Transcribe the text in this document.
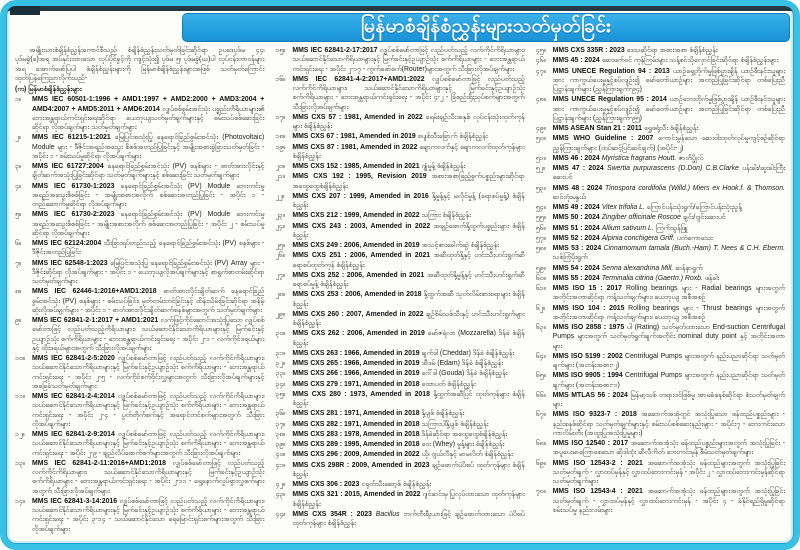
မြန်မာစံချိန်စံညွှန်းများသတ်မှတ်ခြင်း

အမျိုးသားစံချိန်စံညွှန်းကောင်စီသည် စံချိန်စံညွှန်းသတ်မှတ်ခြင်းဆိုင်ရာ ဥပဒေပုဒ်မ ၄၄၊ ပုဒ်မခွဲ(ခ)အရ အပ်နှင်းထားသော လုပ်ပိုင်ခွင့်ကို ကျင့်သုံး၍ ပုဒ်မ ၅၊ ပုဒ်မခွဲ(ဃ)ပါ လုပ်ငန်းတာဝန်များအရ အောက်ဖော်ပြပါ စံချိန်စံညွှန်းများကို မြန်မာစံချိန်စံညွှန်းများအဖြစ် သတ်မှတ်ကြောင်း ထုတ်ပြန်ကြေညာလိုက်သည်-

(က) မြန်မာစံချိန်စံညွှန်းများ

၁။ MMS IEC 60501-1:1996 + AMD1:1997 + AMD2:2000 + AMD3:2004 + AMD4:2007 + AMD5:2011 + AMD6:2014 လျှပ်စစ်စွမ်းအင်သုံး ပစ္စည်းကိရိယာများ၏ ဘေးအန္တရာယ်ကင်းရှင်းရေးဆိုင်ရာ ယေဘုယျသတ်မှတ်ချက်များနှင့် စမ်းသပ်စစ်ဆေးခြင်းဆိုင်ရာ လိုအပ်ချက်များ သတ်မှတ်ချက်များ
၂။ MMS IEC 61215-1:2021 မြေပြင်အသုံးပြု နေရောင်ခြည်စွမ်းအင်သုံး (Photovoltaic) Module များ - ဒီဇိုင်းအရည်အသွေး စိစစ်အတည်ပြုခြင်းနှင့် အမျိုးအစားခွဲခြားသတ်မှတ်ခြင်း - အပိုင်း ၁ - စမ်းသပ်မှုဆိုင်ရာ လိုအပ်ချက်များ
၃။ MMS IEC 61727:2004 နေရောင်ခြည်စွမ်းအင်သုံး (PV) စနစ်များ - ဓာတ်အားလိုင်းနှင့် ချိတ်ဆက်အသုံးပြုခြင်းဆိုင်ရာ သတ်မှတ်ချက်များနှင့် စစ်ဆေးခြင်း သတ်မှတ်ချက်များ
၄။ MMS IEC 61730-1:2023 နေရောင်ခြည်စွမ်းအင်သုံး (PV) Module ဘေးကင်းမှု အရည်အသွေးစိစစ်ခြင်း - အမျိုးအစားအလိုက် စစ်ဆေးအတည်ပြုခြင်း - အပိုင်း ၁ - တည်ဆောက်မှုဆိုင်ရာ လိုအပ်ချက်များ
၅။ MMS IEC 61730-2:2023 နေရောင်ခြည်စွမ်းအင်သုံး (PV) Module ဘေးကင်းမှု အရည်အသွေးစိစစ်ခြင်း - အမျိုးအစားအလိုက် စစ်ဆေးအတည်ပြုခြင်း - အပိုင်း ၂ - စမ်းသပ်မှုဆိုင်ရာ လိုအပ်ချက်များ
၆။ MMS IEC 62124:2004 သီးခြားရပ်တည်သည့် နေရောင်ခြည်စွမ်းအင်သုံး (PV) စနစ်များ - ဒီဇိုင်းအတည်ပြုခြင်း
၇။ MMS IEC 62548-1:2023 မြေပြင်အသုံးပြု နေရောင်ခြည်စွမ်းအင်သုံး (PV) Array များ - ဒီဇိုင်းဆိုင်ရာ လိုအပ်ချက်များ - အပိုင်း ၁ - ယေဘုယျလိုအပ်ချက်များနှင့် စာရွက်စာတမ်းဆိုင်ရာ သတ်မှတ်ချက်များ
၈။ MMS IEC 62446-1:2016+AMD1:2018 ဓာတ်အားလိုင်းချိတ်ဆက် နေရောင်ခြည်စွမ်းအင်သုံး (PV) စနစ်များ - စမ်းသပ်ခြင်း၊ မှတ်တမ်းတင်ခြင်းနှင့် ထိန်းသိမ်းခြင်းဆိုင်ရာ အနိမ့်ဆုံးလိုအပ်ချက်များ - အပိုင်း ၁ - ဓာတ်အားလိုင်းချိတ်ဆက်စနစ်များအတွက် သတ်မှတ်ချက်များ
၉။ MMS IEC 62841-2-1:2017 + AMD1:2021 လက်ဖြင့်ကိုင်ဆောင်အသုံးပြုသော လျှပ်စစ်မော်တာဖြင့် လည်ပတ်သည့်ကိရိယာများ၊ သယ်ဆောင်နိုင်သောကိရိယာများနှင့် မြက်ခင်းနှင့်ဥယျာဉ်သုံး စက်ကိရိယာများ - ဘေးအန္တရာယ်ကင်းရှင်းရေး - အပိုင်း ၂-၁ - လက်ကိုင်ဒရယ်များနှင့် ထိုးဒရယ်များအတွက် သီးခြားလိုအပ်ချက်များ
၁၀။ MMS IEC 62841-2-5:2020 လျှပ်စစ်မော်တာဖြင့် လည်ပတ်သည့် လက်ကိုင်ကိရိယာများ၊ သယ်ဆောင်နိုင်သောကိရိယာများနှင့် မြက်ခင်းနှင့်ဥယျာဉ်သုံး စက်ကိရိယာများ - ဘေးအန္တရာယ်ကင်းရှင်းရေး - အပိုင်း ၂-၅ - လက်ကိုင်စက်ဝိုင်းလွှများအတွက် သီးခြားလိုအပ်ချက်များနှင့် အခြေခံသတ်မှတ်ချက်များ
၁၁။ MMS IEC 62841-2-4:2014 လျှပ်စစ်မော်တာဖြင့် လည်ပတ်သည့် လက်ကိုင်ကိရိယာများ၊ သယ်ဆောင်နိုင်သောကိရိယာများနှင့် မြက်ခင်းနှင့်ဥယျာဉ်သုံး စက်ကိရိယာများ - ဘေးအန္တရာယ်ကင်းရှင်းရေး - အပိုင်း ၂-၄ - ပွတ်တိုက်စက်နှင့် အရောင်တင်စက်များအတွက် သီးခြားလိုအပ်ချက်များ
၁၂။ MMS IEC 62841-2-9:2014 လျှပ်စစ်မော်တာဖြင့် လည်ပတ်သည့် လက်ကိုင်ကိရိယာများ၊ သယ်ဆောင်နိုင်သောကိရိယာများနှင့် မြက်ခင်းနှင့်ဥယျာဉ်သုံး စက်ကိရိယာများ - ဘေးအန္တရာယ်ကင်းရှင်းရေး - အပိုင်း ၂-၉ - ချည်လိပ်ဖောက်စက်များအတွက် သီးခြားလိုအပ်ချက်များ
၁၃။ MMS IEC 62841-2-11:2016+AMD1:2018 လျှပ်စစ်မော်တာဖြင့် လည်ပတ်သည့် လက်ကိုင်ကိရိယာများ၊ သယ်ဆောင်နိုင်သောကိရိယာများနှင့် မြက်ခင်းနှင့်ဥယျာဉ်သုံး စက်ကိရိယာများ - ဘေးအန္တရာယ်ကင်းရှင်းရေး - အပိုင်း ၂-၁၁ - ရှေ့နောက်လှုပ်ရှားလွှစက်များအတွက် သီးခြားလိုအပ်ချက်များ
၁၄။ MMS IEC 62841-3-14:2016 လျှပ်စစ်မော်တာဖြင့် လည်ပတ်သည့် လက်ကိုင်ကိရိယာများ၊ သယ်ဆောင်နိုင်သောကိရိယာများနှင့် မြက်ခင်းနှင့်ဥယျာဉ်သုံး စက်ကိရိယာများ - ဘေးအန္တရာယ်ကင်းရှင်းရေး - အပိုင်း ၃-၁၄ - သယ်ဆောင်နိုင်သော ရေမြောင်းရှင်းစက်များအတွက် သီးခြားလိုအပ်ချက်များ
၁၅။ MMS IEC 62841-2-17:2017 လျှပ်စစ်မော်တာဖြင့် လည်ပတ်သည့် လက်ကိုင်ကိရိယာများ၊ သယ်ဆောင်နိုင်သောကိရိယာများနှင့် မြက်ခင်းနှင့်ဥယျာဉ်သုံး စက်ကိရိယာများ - ဘေးအန္တရာယ်ကင်းရှင်းရေး - အပိုင်း ၂-၁၇ - ကွက်ဖော်စက်(Router)များအတွက် သီးခြားလိုအပ်ချက်များ
၁၆။ MMS IEC 62841-4-2:2017+AMD1:2022 လျှပ်စစ်မော်တာဖြင့် လည်ပတ်သည့် လက်ကိုင်ကိရိယာများ၊ သယ်ဆောင်နိုင်သောကိရိယာများနှင့် မြက်ခင်းနှင့်ဥယျာဉ်သုံး စက်ကိရိယာများ - ဘေးအန္တရာယ်ကင်းရှင်းရေး - အပိုင်း ၄-၂ - ခြံစည်းရိုးညှပ်စက်များအတွက် သီးခြားလိုအပ်ချက်များ
၁၇။ MMS CXS 57 : 1981, Amended in 2022 ခရမ်းချဉ်သီးအနှစ် လုပ်ငန်းသုံးထုတ်ကုန်များ စံချိန်စံညွှန်း
၁၈။ MMS CXS 67 : 1981, Amended in 2019 စပျစ်သီးခြောက် စံချိန်စံညွှန်း
၁၉။ MMS CXS 87 : 1981, Amended in 2022 ချောကလက်နှင့် ချောကလက်ထုတ်ကုန်များ စံချိန်စံညွှန်း
၂၀။ MMS CXS 152 : 1985, Amended in 2021 ဂျုံမှုန့် စံချိန်စံညွှန်း
၂၁။ MMS CXS 192 : 1995, Revision 2019 အစားအစာဖြည့်စွက်ပစ္စည်းများဆိုင်ရာ အထွေထွေစံချိန်စံညွှန်း
၂၂။ MMS CXS 207 : 1999, Amended in 2016 နို့မှုန့်နှင့် မလိုင်မှုန့် (ရောစပ်မှုန့်) စံချိန်စံညွှန်း
၂၃။ MMS CXS 212 : 1999, Amended in 2022 သကြား စံချိန်စံညွှန်း
၂၄။ MMS CXS 243 : 2003, Amended in 2022 အချဉ်ဖောက်နို့ထွက်ပစ္စည်းများ စံချိန်စံညွှန်း
၂၅။ MMS CXS 249 : 2006, Amended in 2019 အသင့်စားခေါက်ဆွဲ စံချိန်စံညွှန်း
၂၆။ MMS CXS 251 : 2006, Amended in 2021 အဆီထုတ်နို့နှင့် ဟင်းသီးဟင်းရွက်ဆီ ရောစပ်ထုတ်ကုန် စံချိန်စံညွှန်း
၂၇။ MMS CXS 252 : 2006, Amended in 2021 အဆီထုတ်နို့မှုန့်နှင့် ဟင်းသီးဟင်းရွက်ဆီ ရောစပ်မှုန့် စံချိန်စံညွှန်း
၂၈။ MMS CXS 253 : 2006, Amended in 2018 နို့ထွက်အဆီ သုတ်လိမ်းစားစရာများ စံချိန်စံညွှန်း
၂၉။ MMS CXS 260 : 2007, Amended in 2022 ချဉ်စိမ်သစ်သီးနှင့် ဟင်းသီးဟင်းရွက်များ စံချိန်စံညွှန်း
၃၀။ MMS CXS 262 : 2006, Amended in 2019 မော်ဇရဲလာ (Mozzarella) ဒိန်ခဲ စံချိန်စံညွှန်း
၃၁။ MMS CXS 263 : 1966, Amended in 2019 ချက်ဒါ (Cheddar) ဒိန်ခဲ စံချိန်စံညွှန်း
၃၂။ MMS CXS 265 : 1966, Amended in 2019 အီဒမ် (Edam) ဒိန်ခဲ စံချိန်စံညွှန်း
၃၃။ MMS CXS 266 : 1966, Amended in 2019 ဂေါ်ဒါ (Gouda) ဒိန်ခဲ စံချိန်စံညွှန်း
၃၄။ MMS CXS 279 : 1971, Amended in 2018 ထောပတ် စံချိန်စံညွှန်း
၃၅။ MMS CXS 280 : 1973, Amended in 2018 နို့ထွက်အဆီပြင် ထုတ်ကုန်များ စံချိန်စံညွှန်း
၃၆။ MMS CXS 281 : 1971, Amended in 2018 နို့ပျစ် စံချိန်စံညွှန်း
၃၇။ MMS CXS 282 : 1971, Amended in 2018 သကြားပါနို့ပျစ် စံချိန်စံညွှန်း
၃၈။ MMS CXS 283 : 1978, Amended in 2018 ဒိန်ခဲဆိုင်ရာ အထွေထွေစံချိန်စံညွှန်း
၃၉။ MMS CXS 289 : 1995, Amended in 2018 ဝေး (Whey) မှုန့်များ စံချိန်စံညွှန်း
၄၀။ MMS CXS 296 : 2009, Amended in 2022 ယို၊ ဂျယ်လီနှင့် မာမလိတ် စံချိန်စံညွှန်း
၄၁။ MMS CXS 298R : 2009, Amended in 2023 ချဉ်ဖောက်ပဲပိစပ် ထုတ်ကုန်များ စံချိန်စံညွှန်း
၄၂။ MMS CXS 306 : 2023 ငရုတ်သီးဆော့စ် စံချိန်စံညွှန်း
၄၃။ MMS CXS 321 : 2015, Amended in 2022 ဂျင်ဆင်းမှ ပြုလုပ်ထားသော ထုတ်ကုန်များ စံချိန်စံညွှန်း
၄၄။ MMS CXS 354R : 2023 Bacillus ဘက်တီးရီးယားဖြင့် ချဉ်ဖောက်ထားသော ပဲပိစပ်ထုတ်ကုန်များ စံချိန်စံညွှန်း
၄၅။ MMS CXS 335R : 2023 ဒေသဆိုင်ရာ အစားအစာ စံချိန်စံညွှန်း
၄၆။ MMS 45 : 2024 ဆေးဖက်ဝင် ကုန်ကြမ်းများ သန့်စင်သိုလှောင်ခြင်းဆိုင်ရာ စံချိန်စံညွှန်းများ
၄၇။ MMS UNECE Regulation 94 : 2013 ယာဉ်ရှေ့တိုက်မှုဖြစ်ပွားချိန် ယာဉ်စီးနင်းသူများအား ကာကွယ်ပေးမှုနှင့်စပ်လျဉ်း၍ မော်တော်ယာဉ်များ အတည်ပြုခြင်းဆိုင်ရာ တစ်ပြေးညီပြဋ္ဌာန်းချက်များ (ညွှန်ကြားချက်-၉၄)
၄၈။ MMS UNECE Regulation 95 : 2014 ယာဉ်ဘေးတိုက်မှုဖြစ်ပွားချိန် ယာဉ်စီးနင်းသူများအား ကာကွယ်ပေးမှုနှင့်စပ်လျဉ်း၍ မော်တော်ယာဉ်များ အတည်ပြုခြင်းဆိုင်ရာ တစ်ပြေးညီပြဋ္ဌာန်းချက်များ (ညွှန်ကြားချက်-၉၅)
၄၉။ MMS ASEAN Stan 21 : 2011 ရွှေဖရုံသီး စံချိန်စံညွှန်း
၅၀။ MMS WHO Guideline : 2007 ကောင်းမွန်သော ဆေးဝါးထုတ်လုပ်မှုကျင့်စဉ်ဆိုင်ရာ ညွှန်ကြားချက်များ (ထပ်ဆင့်ပြင်ဆင်ချက်) (အပိုင်း-၂)
၅၁။ MMS 46 : 2024 Myristica fragrans Houtt. ဇာတိပ္ဖိုလ်
၅၂။ MMS 47 : 2024 Swertia purpurascens (D.Don) C.B.Clarke ပန်းခါး/ဆူးခါးကြီးဆေးပင်
၅၃။ MMS 48 : 2024 Tinospora cordifolia (Willd.) Miers ex Hook.f. & Thomson. ဆင်တုံးမနွယ်
၅၄။ MMS 49 : 2024 Vitex trifolia L. ကြောင်ပန်းသုံးရွက်/ကြောင်ပန်းသုံးညွန့်
၅၅။ MMS 50 : 2024 Zingiber officinale Roscoe ချင်း/ဂျင်းဆေးပင်
၅၆။ MMS 51 : 2024 Allium sativum L. ကြက်သွန်ဖြူ
၅၇။ MMS 52 : 2024 Alpinia conchigera Griff. ပတဲကောသေး
၅၈။ MMS 53 : 2024 Cinnamomum tamala (Buch.-Ham) T. Nees & C.H. Eberm. သစ်ကြံပိုးရွက်
၅၉။ MMS 54 : 2024 Senna alexandrina Mill. ဆန်နာရွက်
၆၀။ MMS 55 : 2024 Terminalia citrina (Gaertn.) Roxb. ဖန်ခါး
၆၁။ MMS ISO 15 : 2017 Rolling bearings များ - Radial bearings များအတွက် အတိုင်းအတာဆိုင်ရာ ကန့်သတ်ချက်များ၊ ယေဘုယျ အစီအစဉ်
၆၂။ MMS ISO 104 : 2015 Rolling bearings များ - Thrust bearings များအတွက် အတိုင်းအတာဆိုင်ရာ ကန့်သတ်ချက်များ၊ ယေဘုယျ အစီအစဉ်
၆၃။ MMS ISO 2858 : 1975 ပါ (Rating) သတ်မှတ်ထားသော End-suction Centrifugal Pumps များအတွက် သတ်မှတ်ရွက်ချက်အတိုင်း nominal duty point နှင့် အတိုင်းအတာများ
၆၄။ MMS ISO 5199 : 2002 Centrifugal Pumps များအတွက် နည်းပညာဆိုင်ရာ သတ်မှတ်ချက်များ (အတန်းအစား-၂)
၆၅။ MMS ISO 9905 : 1994 Centrifugal Pumps များအတွက် နည်းပညာဆိုင်ရာ သတ်မှတ်ချက်များ (အတန်းအစား-၁)
၆၆။ MMS MTLAS 56 : 2024 မြန်မာ့သစ် တရားဝင်ဖြစ်မှု အာမခံစနစ်ဆိုင်ရာ စံသတ်မှတ်ချက်များ
၆၇။ MMS ISO 9323-7 : 2018 အဆောက်အအုံတွင် အသုံးပြုသော ဖန်ထည်ပစ္စည်းများ - နည်းစနစ်ဆိုင်ရာ သတ်မှတ်ချက်များနှင့် စမ်းသပ်စစ်ဆေးနည်းများ - အပိုင်း၇ - ဘေးကင်းသောကာလိမ်းတီး (အထူးပြုအသုံးပြုမှုများ)
၆၈။ MMS ISO 12540 : 2017 အဆောက်အအုံသုံး ဖန်ထည်ပစ္စည်းများအတွက် အသုံးပြုခြင်း - အပူပေးမာကြောစေသော ဆိုဒါထုံး ဆီလီကိတ် ဘေးကင်းမှန် စီမံသတ်မှတ်ချက်များ
၆၉။ MMS ISO 12543-2 : 2021 အဆောက်အအုံသုံး ဖန်ထည်များအတွက် အသုံးပြုခြင်းသတ်မှတ်ချက် - လွှာထပ်မှန်နှင့် လွှာထပ်ဘေးကင်းမှန် - အပိုင်း ၂ - လွှာထပ်ဘေးကင်းမှန်ဆိုင်ရာ သတ်မှတ်ချက်များ
၇၀။ MMS ISO 12543-4 : 2021 အဆောက်အအုံသုံး ဖန်ထည်များအတွက် အသုံးပြုခြင်းသတ်မှတ်ချက် - လွှာထပ်မှန်နှင့် လွှာထပ်ဘေးကင်းမှန် - အပိုင်း ၄ - ခံနိုင်ရည်ရှိမှုဆိုင်ရာ စမ်းသပ်မှု နည်းလမ်းများ
